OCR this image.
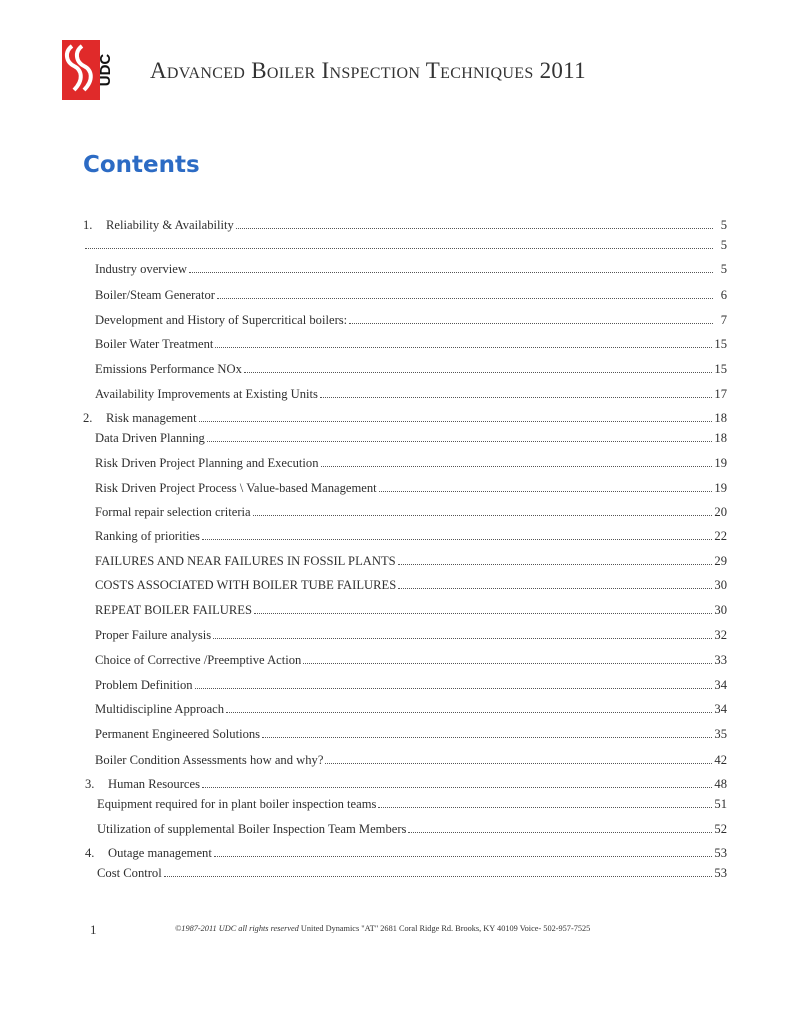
UDC Advanced Boiler Inspection Techniques 2011
Contents
1.	Reliability & Availability	5
5
Industry overview	5
Boiler/Steam Generator	6
Development and History of Supercritical boilers:	7
Boiler Water Treatment	15
Emissions Performance NOx	15
Availability Improvements at Existing Units	17
2.	Risk management	18
Data Driven Planning	18
Risk Driven Project Planning and Execution	19
Risk Driven Project Process \ Value-based Management	19
Formal repair selection criteria	20
Ranking of priorities	22
FAILURES AND NEAR FAILURES IN FOSSIL PLANTS	29
COSTS ASSOCIATED WITH BOILER TUBE FAILURES	30
REPEAT BOILER FAILURES	30
Proper Failure analysis	32
Choice of Corrective /Preemptive Action	33
Problem Definition	34
Multidiscipline Approach	34
Permanent Engineered Solutions	35
Boiler Condition Assessments how and why?	42
3.	Human Resources	48
Equipment required for in plant boiler inspection teams	51
Utilization of supplemental Boiler Inspection Team Members	52
4.	Outage management	53
Cost Control	53
1	©1987-2011 UDC all rights reserved United Dynamics "AT" 2681 Coral Ridge Rd. Brooks, KY 40109 Voice- 502-957-7525
